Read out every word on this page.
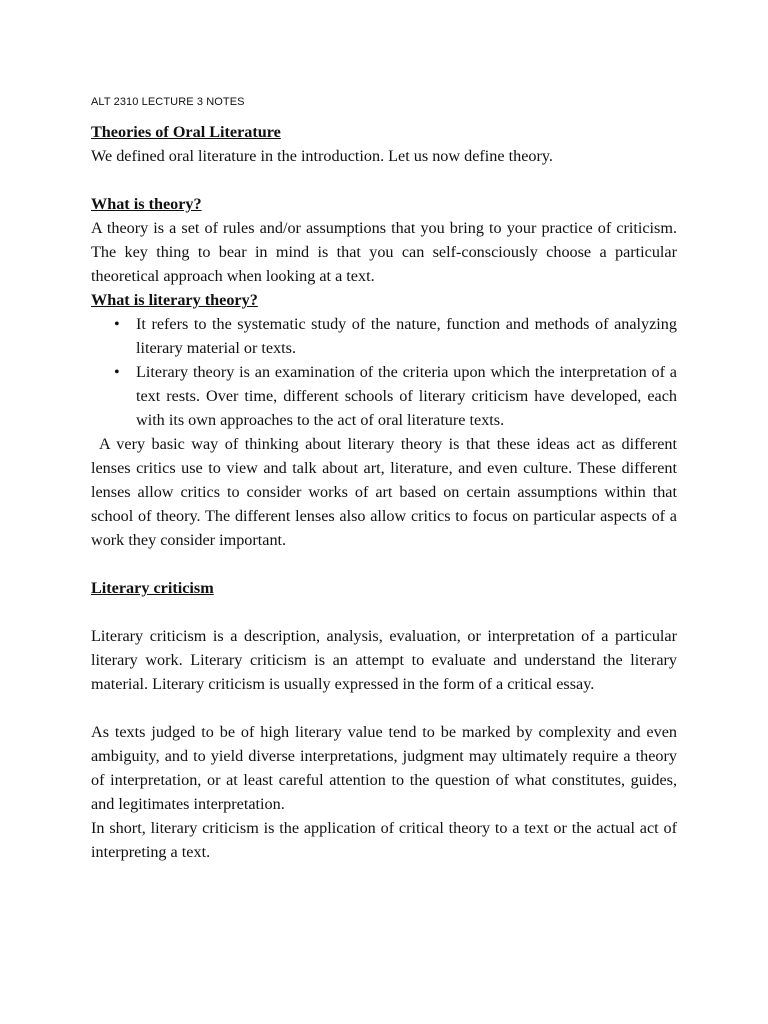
ALT 2310 LECTURE 3 NOTES
Theories of Oral Literature

We defined oral literature in the introduction. Let us now define theory.

What is theory?

A theory is a set of rules and/or assumptions that you bring to your practice of criticism. The key thing to bear in mind is that you can self-consciously choose a particular theoretical approach when looking at a text.

What is literary theory?
• It refers to the systematic study of the nature, function and methods of analyzing literary material or texts.
• Literary theory is an examination of the criteria upon which the interpretation of a text rests. Over time, different schools of literary criticism have developed, each with its own approaches to the act of oral literature texts.

A very basic way of thinking about literary theory is that these ideas act as different lenses critics use to view and talk about art, literature, and even culture. These different lenses allow critics to consider works of art based on certain assumptions within that school of theory. The different lenses also allow critics to focus on particular aspects of a work they consider important.

Literary criticism

Literary criticism is a description, analysis, evaluation, or interpretation of a particular literary work. Literary criticism is an attempt to evaluate and understand the literary material. Literary criticism is usually expressed in the form of a critical essay.

As texts judged to be of high literary value tend to be marked by complexity and even ambiguity, and to yield diverse interpretations, judgment may ultimately require a theory of interpretation, or at least careful attention to the question of what constitutes, guides, and legitimates interpretation.

In short, literary criticism is the application of critical theory to a text or the actual act of interpreting a text.
